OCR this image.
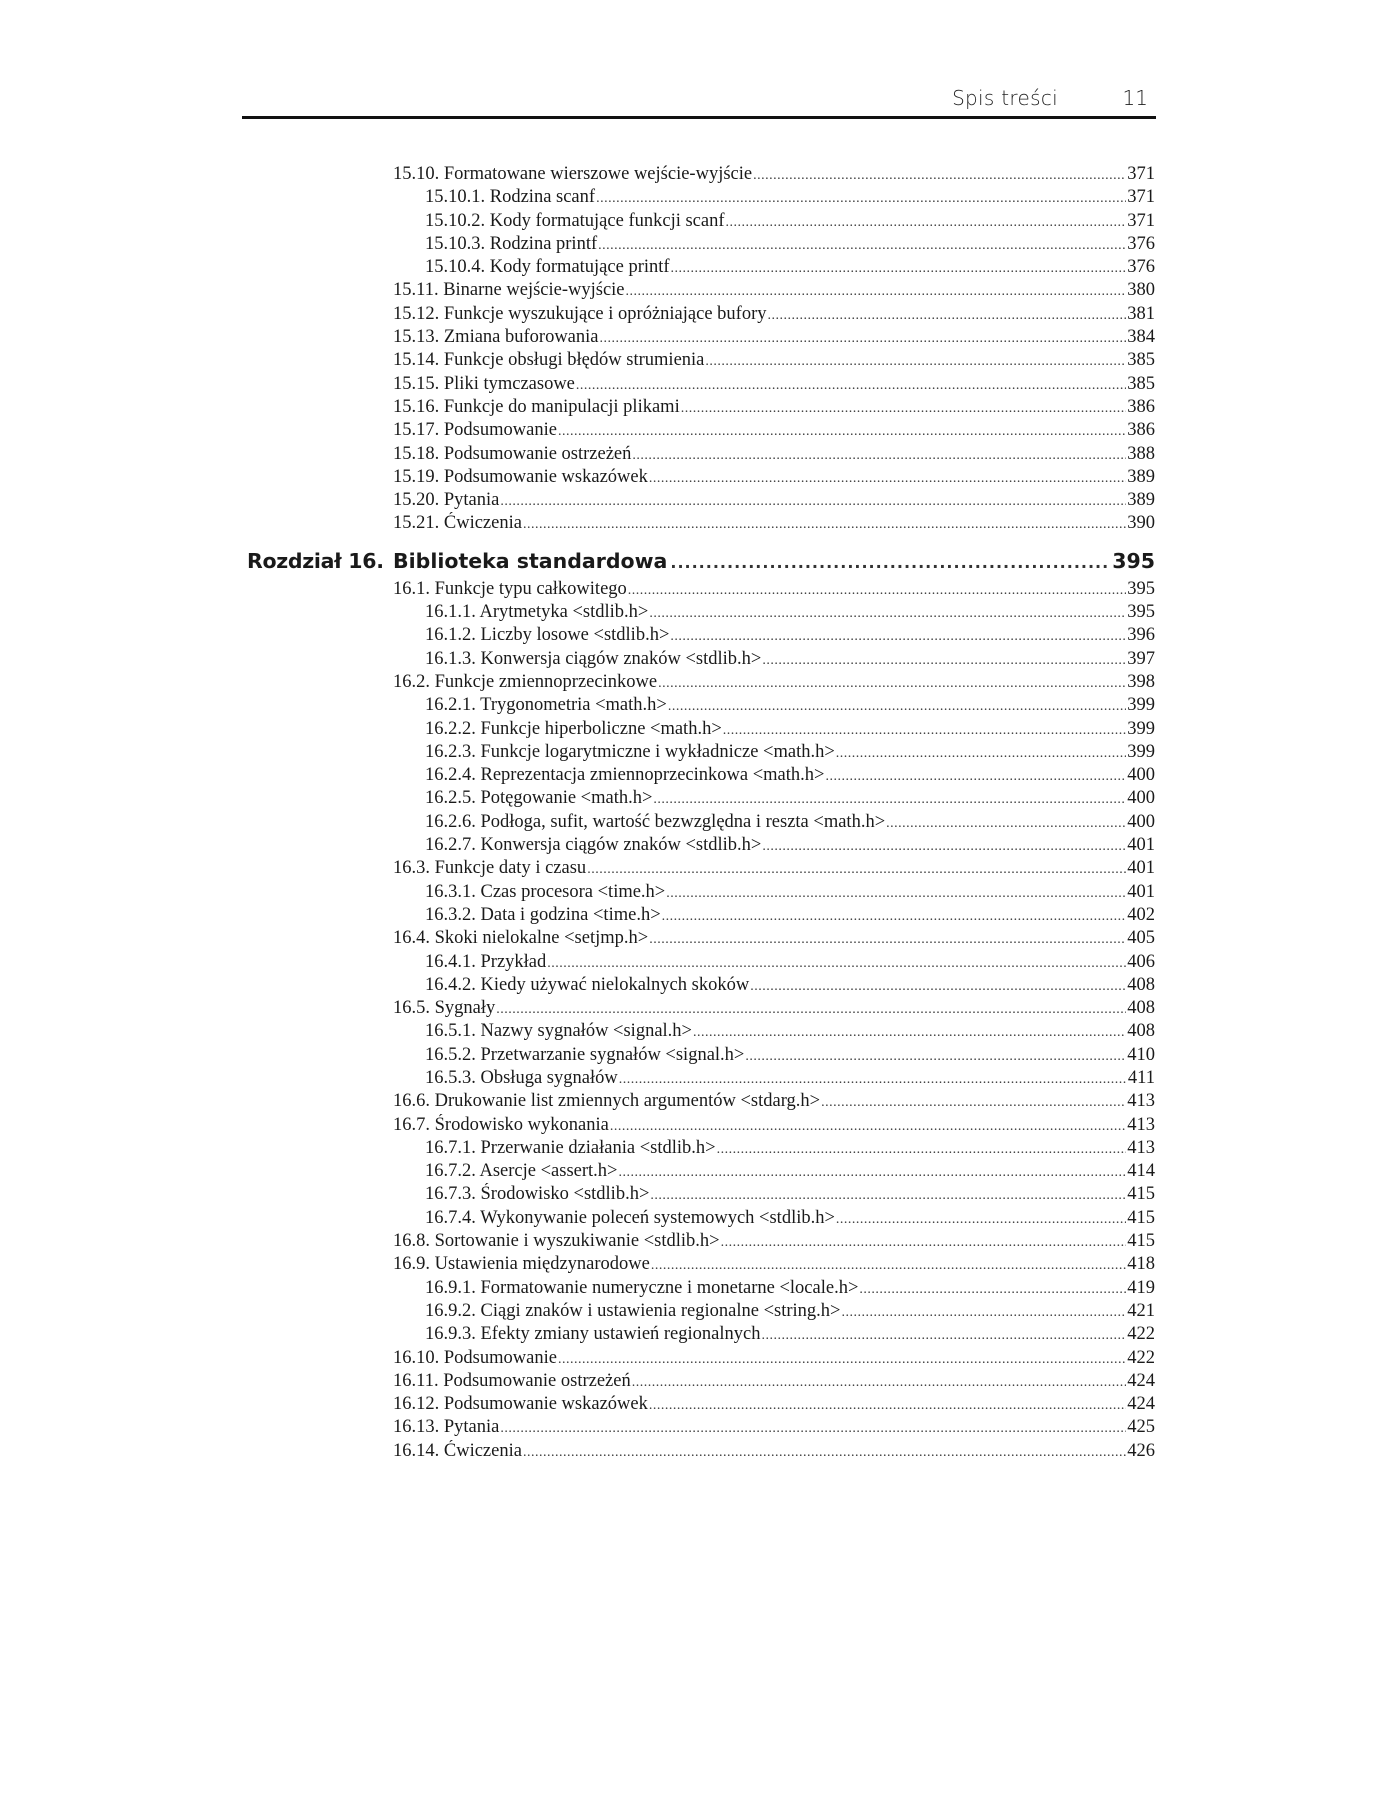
Spis treści	11
15.10. Formatowane wierszowe wejście-wyjście .....	371
15.10.1. Rodzina scanf .....	371
15.10.2. Kody formatujące funkcji scanf .....	371
15.10.3. Rodzina printf .....	376
15.10.4. Kody formatujące printf .....	376
15.11. Binarne wejście-wyjście .....	380
15.12. Funkcje wyszukujące i opróżniające bufory .....	381
15.13. Zmiana buforowania .....	384
15.14. Funkcje obsługi błędów strumienia .....	385
15.15. Pliki tymczasowe .....	385
15.16. Funkcje do manipulacji plikami .....	386
15.17. Podsumowanie .....	386
15.18. Podsumowanie ostrzeżeń .....	388
15.19. Podsumowanie wskazówek .....	389
15.20. Pytania .....	389
15.21. Ćwiczenia .....	390
Rozdział 16. Biblioteka standardowa .....	395
16.1. Funkcje typu całkowitego .....	395
16.1.1. Arytmetyka <stdlib.h> .....	395
16.1.2. Liczby losowe <stdlib.h> .....	396
16.1.3. Konwersja ciągów znaków <stdlib.h> .....	397
16.2. Funkcje zmiennoprzecinkowe .....	398
16.2.1. Trygonometria <math.h> .....	399
16.2.2. Funkcje hiperboliczne <math.h> .....	399
16.2.3. Funkcje logarytmiczne i wykładnicze <math.h> .....	399
16.2.4. Reprezentacja zmiennoprzecinkowa <math.h> .....	400
16.2.5. Potęgowanie <math.h> .....	400
16.2.6. Podłoga, sufit, wartość bezwzględna i reszta <math.h> .....	400
16.2.7. Konwersja ciągów znaków <stdlib.h> .....	401
16.3. Funkcje daty i czasu .....	401
16.3.1. Czas procesora <time.h> .....	401
16.3.2. Data i godzina <time.h> .....	402
16.4. Skoki nielokalne <setjmp.h> .....	405
16.4.1. Przykład .....	406
16.4.2. Kiedy używać nielokalnych skoków .....	408
16.5. Sygnały .....	408
16.5.1. Nazwy sygnałów <signal.h> .....	408
16.5.2. Przetwarzanie sygnałów <signal.h> .....	410
16.5.3. Obsługa sygnałów .....	411
16.6. Drukowanie list zmiennych argumentów <stdarg.h> .....	413
16.7. Środowisko wykonania .....	413
16.7.1. Przerwanie działania <stdlib.h> .....	413
16.7.2. Asercje <assert.h> .....	414
16.7.3. Środowisko <stdlib.h> .....	415
16.7.4. Wykonywanie poleceń systemowych <stdlib.h> .....	415
16.8. Sortowanie i wyszukiwanie <stdlib.h> .....	415
16.9. Ustawienia międzynarodowe .....	418
16.9.1. Formatowanie numeryczne i monetarne <locale.h> .....	419
16.9.2. Ciągi znaków i ustawienia regionalne <string.h> .....	421
16.9.3. Efekty zmiany ustawień regionalnych .....	422
16.10. Podsumowanie .....	422
16.11. Podsumowanie ostrzeżeń .....	424
16.12. Podsumowanie wskazówek .....	424
16.13. Pytania .....	425
16.14. Ćwiczenia .....	426
